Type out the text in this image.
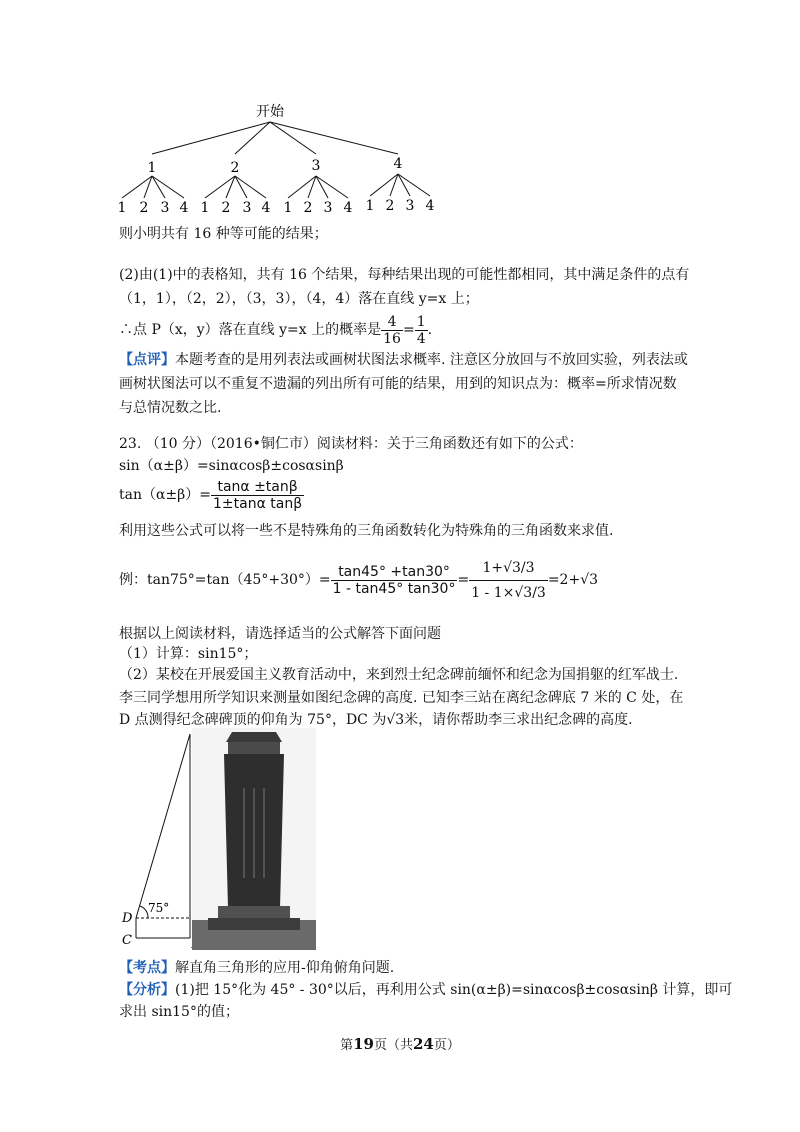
开始
1	2	3	4
1 2 3 4 1 2 3 4 1 2 3 4 1 2 3 4
则小明共有 16 种等可能的结果；
(2)由(1)中的表格知，共有 16 个结果，每种结果出现的可能性都相同，其中满足条件的点有
（1，1），（2，2），（3，3），（4，4）落在直线 y=x 上；
∴点 P（x，y）落在直线 y=x 上的概率是 $\frac{4}{16} = \frac{1}{4}$ .
【点评】本题考查的是用列表法或画树状图法求概率. 注意区分放回与不放回实验，列表法或
画树状图法可以不重复不遗漏的列出所有可能的结果，用到的知识点为：概率=所求情况数
与总情况数之比.
23. （10 分）（2016•铜仁市）阅读材料：关于三角函数还有如下的公式：
sin（α±β）=sinαcosβ±cosαsinβ
$\tan(\alpha\pm\beta)= \frac{\tan\alpha \pm\tan\beta}{\text{1±tanα tanβ}}$
利用这些公式可以将一些不是特殊角的三角函数转化为特殊角的三角函数来求值.
例：$\tan 75^\circ=\tan(45^\circ+30^\circ)= \frac{\tan 45^\circ +\tan 30^\circ}{1 - \tan 45^\circ \tan 30^\circ} = \frac{1+√3/3}{1 - 1\times√3/3} =2+√3$
根据以上阅读材料，请选择适当的公式解答下面问题
（1）计算：sin15°；
（2）某校在开展爱国主义教育活动中，来到烈士纪念碑前缅怀和纪念为国捐躯的红军战士.
李三同学想用所学知识来测量如图纪念碑的高度. 已知李三站在离纪念碑底 7 米的 C 处，在
D 点测得纪念碑碑顶的仰角为 75°，DC 为√3米，请你帮助李三求出纪念碑的高度.
D
C
75°
【考点】解直角三角形的应用-仰角俯角问题.
【分析】(1)把 15°化为 45° - 30°以后，再利用公式 sin(α±β)=sinαcosβ±cosαsinβ 计算，即可
求出 sin15°的值；
第19页（共24页）
